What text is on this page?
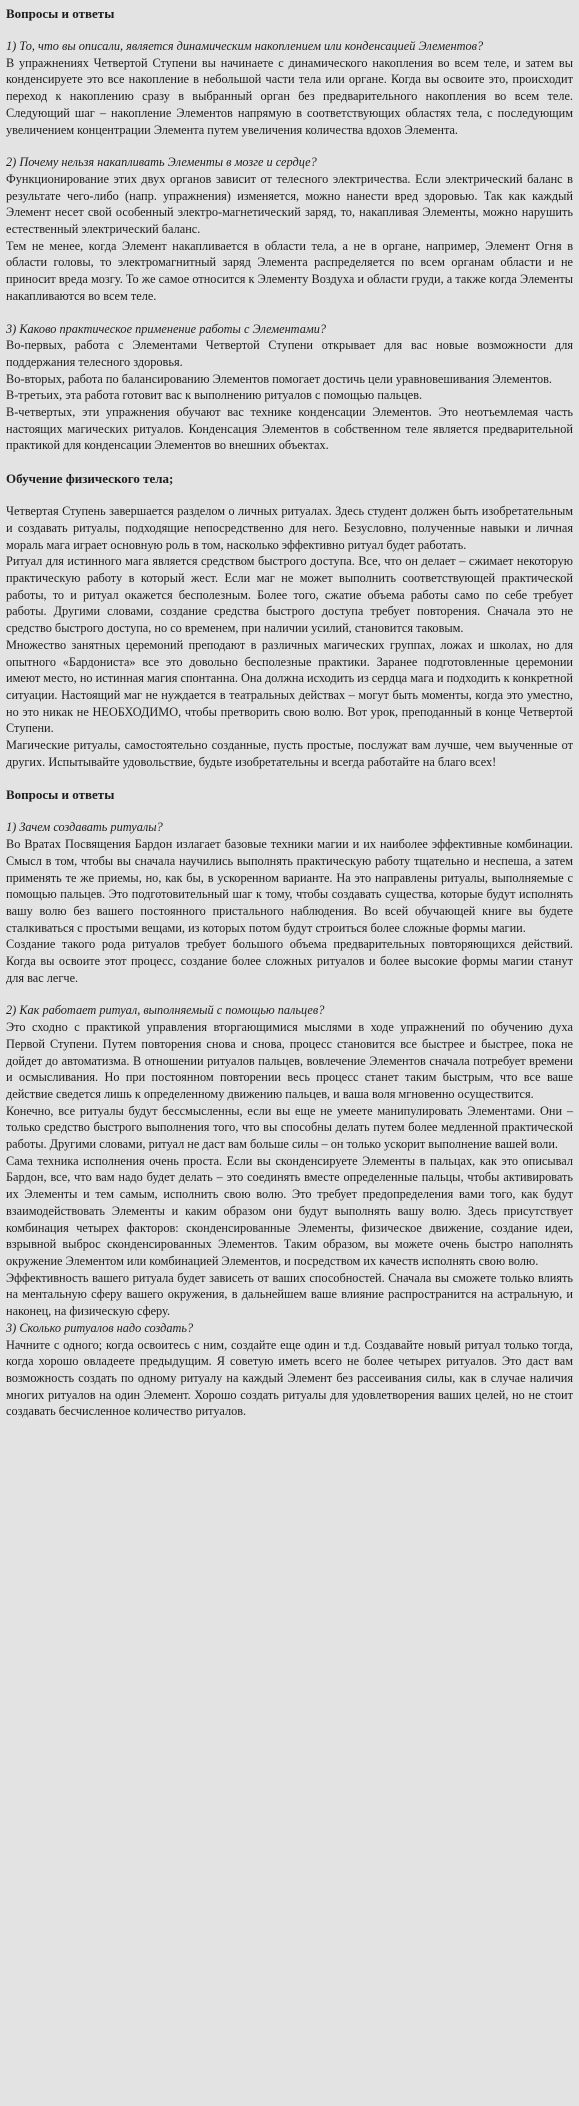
Вопросы и ответы

1) То, что вы описали, является динамическим накоплением или конденсацией Элементов?

В упражнениях Четвертой Ступени вы начинаете с динамического накопления во всем теле, и затем вы конденсируете это все накопление в небольшой части тела или органе. Когда вы освоите это, происходит переход к накоплению сразу в выбранный орган без предварительного накопления во всем теле. Следующий шаг – накопление Элементов напрямую в соответствующих областях тела, с последующим увеличением концентрации Элемента путем увеличения количества вдохов Элемента.

2) Почему нельзя накапливать Элементы в мозге и сердце?

Функционирование этих двух органов зависит от телесного электричества. Если электрический баланс в результате чего-либо (напр. упражнения) изменяется, можно нанести вред здоровью. Так как каждый Элемент несет свой особенный электро-магнетический заряд, то, накапливая Элементы, можно нарушить естественный электрический баланс.

Тем не менее, когда Элемент накапливается в области тела, а не в органе, например, Элемент Огня в области головы, то электромагнитный заряд Элемента распределяется по всем органам области и не приносит вреда мозгу. То же самое относится к Элементу Воздуха и области груди, а также когда Элементы накапливаются во всем теле.

3) Каково практическое применение работы с Элементами?

Во-первых, работа с Элементами Четвертой Ступени открывает для вас новые возможности для поддержания телесного здоровья.

Во-вторых, работа по балансированию Элементов помогает достичь цели уравновешивания Элементов.

В-третьих, эта работа готовит вас к выполнению ритуалов с помощью пальцев.

В-четвертых, эти упражнения обучают вас технике конденсации Элементов. Это неотъемлемая часть настоящих магических ритуалов. Конденсация Элементов в собственном теле является предварительной практикой для конденсации Элементов во внешних объектах.

Обучение физического тела;

Четвертая Ступень завершается разделом о личных ритуалах. Здесь студент должен быть изобретательным и создавать ритуалы, подходящие непосредственно для него. Безусловно, полученные навыки и личная мораль мага играет основную роль в том, насколько эффективно ритуал будет работать.

Ритуал для истинного мага является средством быстрого доступа. Все, что он делает – сжимает некоторую практическую работу в который жест. Если маг не может выполнить соответствующей практической работы, то и ритуал окажется бесполезным. Более того, сжатие объема работы само по себе требует работы. Другими словами, создание средства быстрого доступа требует повторения. Сначала это не средство быстрого доступа, но со временем, при наличии усилий, становится таковым.

Множество занятных церемоний преподают в различных магических группах, ложах и школах, но для опытного «Бардониста» все это довольно бесполезные практики. Заранее подготовленные церемонии имеют место, но истинная магия спонтанна. Она должна исходить из сердца мага и подходить к конкретной ситуации. Настоящий маг не нуждается в театральных действах – могут быть моменты, когда это уместно, но это никак не НЕОБХОДИМО, чтобы претворить свою волю. Вот урок, преподанный в конце Четвертой Ступени.

Магические ритуалы, самостоятельно созданные, пусть простые, послужат вам лучше, чем выученные от других. Испытывайте удовольствие, будьте изобретательны и всегда работайте на благо всех!

Вопросы и ответы

1) Зачем создавать ритуалы?

Во Вратах Посвящения Бардон излагает базовые техники магии и их наиболее эффективные комбинации. Смысл в том, чтобы вы сначала научились выполнять практическую работу тщательно и неспеша, а затем применять те же приемы, но, как бы, в ускоренном варианте. На это направлены ритуалы, выполняемые с помощью пальцев. Это подготовительный шаг к тому, чтобы создавать существа, которые будут исполнять вашу волю без вашего постоянного пристального наблюдения. Во всей обучающей книге вы будете сталкиваться с простыми вещами, из которых потом будут строиться более сложные формы магии.

Создание такого рода ритуалов требует большого объема предварительных повторяющихся действий. Когда вы освоите этот процесс, создание более сложных ритуалов и более высокие формы магии станут для вас легче.

2) Как работает ритуал, выполняемый с помощью пальцев?

Это сходно с практикой управления вторгающимися мыслями в ходе упражнений по обучению духа Первой Ступени. Путем повторения снова и снова, процесс становится все быстрее и быстрее, пока не дойдет до автоматизма. В отношении ритуалов пальцев, вовлечение Элементов сначала потребует времени и осмысливания. Но при постоянном повторении весь процесс станет таким быстрым, что все ваше действие сведется лишь к определенному движению пальцев, и ваша воля мгновенно осуществится.

Конечно, все ритуалы будут бессмысленны, если вы еще не умеете манипулировать Элементами. Они – только средство быстрого выполнения того, что вы способны делать путем более медленной практической работы. Другими словами, ритуал не даст вам больше силы – он только ускорит выполнение вашей воли.

Сама техника исполнения очень проста. Если вы сконденсируете Элементы в пальцах, как это описывал Бардон, все, что вам надо будет делать – это соединять вместе определенные пальцы, чтобы активировать их Элементы и тем самым, исполнить свою волю. Это требует предопределения вами того, как будут взаимодействовать Элементы и каким образом они будут выполнять вашу волю. Здесь присутствует комбинация четырех факторов: сконденсированные Элементы, физическое движение, создание идеи, взрывной выброс сконденсированных Элементов. Таким образом, вы можете очень быстро наполнять окружение Элементом или комбинацией Элементов, и посредством их качеств исполнять свою волю.

Эффективность вашего ритуала будет зависеть от ваших способностей. Сначала вы сможете только влиять на ментальную сферу вашего окружения, в дальнейшем ваше влияние распространится на астральную, и наконец, на физическую сферу.

3) Сколько ритуалов надо создать?

Начните с одного; когда освоитесь с ним, создайте еще один и т.д. Создавайте новый ритуал только тогда, когда хорошо овладеете предыдущим. Я советую иметь всего не более четырех ритуалов. Это даст вам возможность создать по одному ритуалу на каждый Элемент без рассеивания силы, как в случае наличия многих ритуалов на один Элемент. Хорошо создать ритуалы для удовлетворения ваших целей, но не стоит создавать бесчисленное количество ритуалов.
